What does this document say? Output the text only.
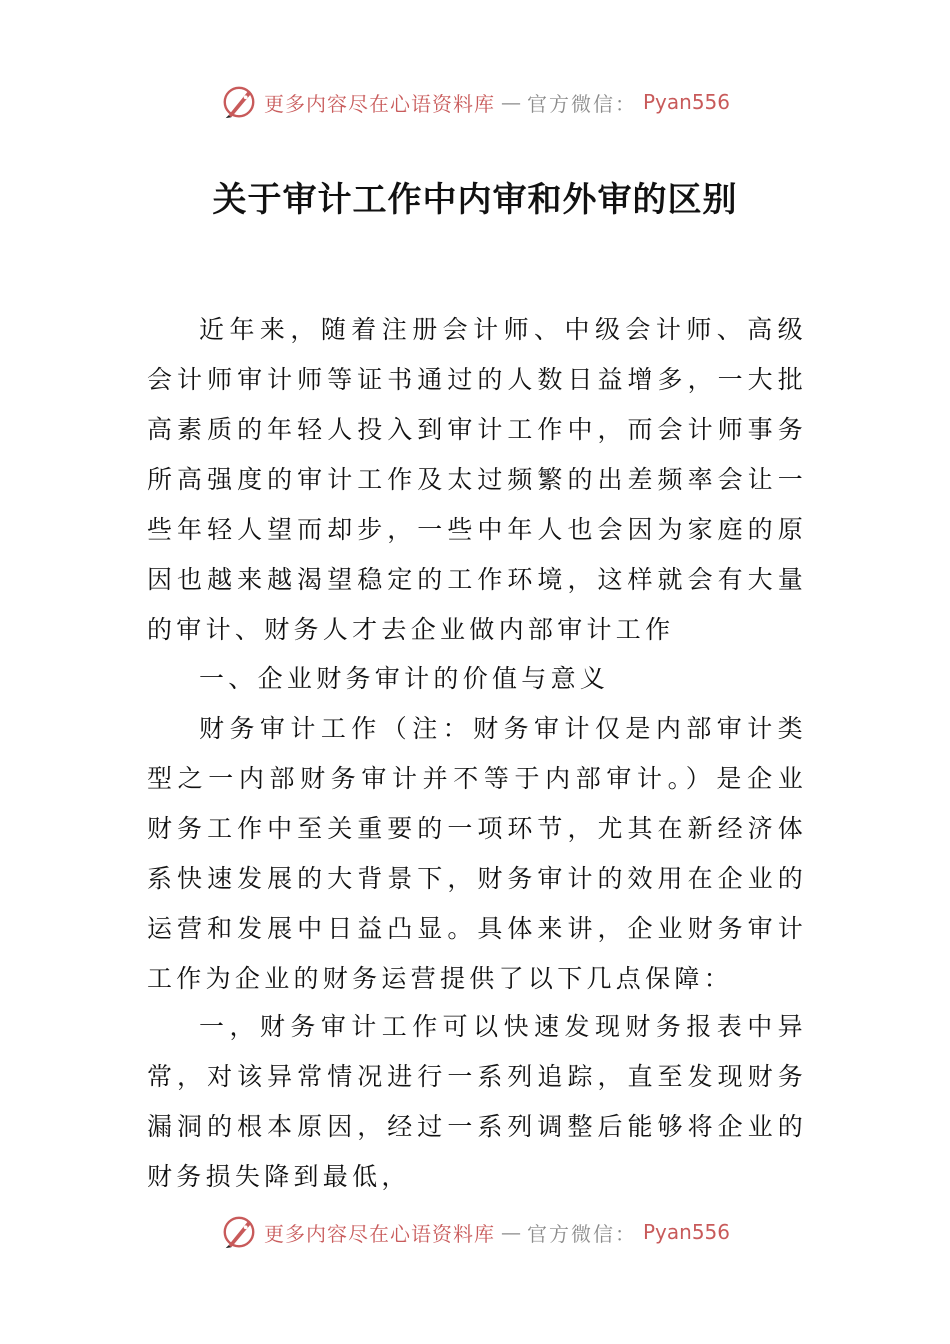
更多内容尽在心语资料库 — 官方微信： Pyan556
关于审计工作中内审和外审的区别

近年来，随着注册会计师、中级会计师、高级会计师审计师等证书通过的人数日益增多，一大批高素质的年轻人投入到审计工作中，而会计师事务所高强度的审计工作及太过频繁的出差频率会让一些年轻人望而却步，一些中年人也会因为家庭的原因也越来越渴望稳定的工作环境，这样就会有大量的审计、财务人才去企业做内部审计工作

一、企业财务审计的价值与意义

财务审计工作（注：财务审计仅是内部审计类型之一内部财务审计并不等于内部审计。）是企业财务工作中至关重要的一项环节，尤其在新经济体系快速发展的大背景下，财务审计的效用在企业的运营和发展中日益凸显。具体来讲，企业财务审计工作为企业的财务运营提供了以下几点保障：

一，财务审计工作可以快速发现财务报表中异常，对该异常情况进行一系列追踪，直至发现财务漏洞的根本原因，经过一系列调整后能够将企业的财务损失降到最低，

更多内容尽在心语资料库 — 官方微信： Pyan556
